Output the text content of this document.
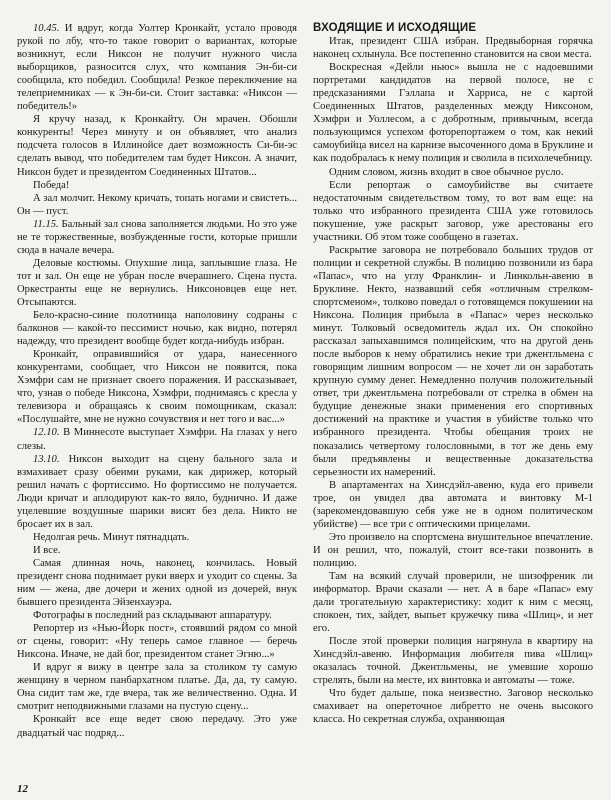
10.45. И вдруг, когда Уолтер Кронкайт, устало проводя рукой по лбу, что-то такое говорит о вариантах, которые возникнут, если Никсон не получит нужного числа выборщиков, разносится слух, что компания Эн-би-си сообщила, кто победил. Сообщила! Резкое переключение на телеприемниках — к Эн-би-си. Стоит заставка: «Никсон — победитель!»

Я кручу назад, к Кронкайту. Он мрачен. Обошли конкуренты! Через минуту и он объявляет, что анализ подсчета голосов в Иллинойсе дает возможность Си-би-эс сделать вывод, что победителем там будет Никсон. А значит, Никсон будет и президентом Соединенных Штатов...

Победа!

А зал молчит. Некому кричать, топать ногами и свистеть... Он — пуст.

11.15. Бальный зал снова заполняется людьми. Но это уже не те торжественные, возбужденные гости, которые пришли сюда в начале вечера.

Деловые костюмы. Опухшие лица, заплывшие глаза. Не тот и зал. Он еще не убран после вчерашнего. Сцена пуста. Оркестранты еще не вернулись. Никсоновцев еще нет. Отсыпаются.

Бело-красно-синие полотнища наполовину содраны с балконов — какой-то пессимист ночью, как видно, потерял надежду, что президент вообще будет когда-нибудь избран.

Кронкайт, оправившийся от удара, нанесенного конкурентами, сообщает, что Никсон не появится, пока Хэмфри сам не признает своего поражения. И рассказывает, что, узнав о победе Никсона, Хэмфри, поднимаясь с кресла у телевизора и обращаясь к своим помощникам, сказал: «Послушайте, мне не нужно сочувствия и нет того и вас...»

12.10. В Миннесоте выступает Хэмфри. На глазах у него слезы.

13.10. Никсон выходит на сцену бального зала и взмахивает сразу обеими руками, как дирижер, который решил начать с фортиссимо. Но фортиссимо не получается. Люди кричат и аплодируют как-то вяло, буднично. И даже уцелевшие воздушные шарики висят без дела. Никто не бросает их в зал.

Недолгая речь. Минут пятнадцать.

И все.

Самая длинная ночь, наконец, кончилась. Новый президент снова поднимает руки вверх и уходит со сцены. За ним — жена, две дочери и жених одной из дочерей, внук бывшего президента Эйзенхауэра.

Фотографы в последний раз складывают аппаратуру.

Репортер из «Нью-Йорк пост», стоявший рядом со мной от сцены, говорит: «Ну теперь самое главное — беречь Никсона. Иначе, не дай бог, президентом станет Эгню...»

И вдруг я вижу в центре зала за столиком ту самую женщину в черном панбархатном платье. Да, да, ту самую. Она сидит там же, где вчера, так же величественно. Одна. И смотрит неподвижными глазами на пустую сцену...

Кронкайт все еще ведет свою передачу. Это уже двадцатый час подряд...

ВХОДЯЩИЕ И ИСХОДЯЩИЕ

Итак, президент США избран. Предвыборная горячка наконец схлынула. Все постепенно становится на свои места.

Воскресная «Дейли ньюс» вышла не с надоевшими портретами кандидатов на первой полосе, не с предсказаниями Гэллапа и Харриса, не с картой Соединенных Штатов, разделенных между Никсоном, Хэмфри и Уоллесом, а с добротным, привычным, всегда пользующимся успехом фоторепортажем о том, как некий самоубийца висел на карнизе высоченного дома в Бруклине и как подобралась к нему полиция и сволила в психолечебницу.

Одним словом, жизнь входит в свое обычное русло.

Если репортаж о самоубийстве вы считаете недостаточным свидетельством тому, то вот вам еще: на только что избранного президента США уже готовилось покушение, уже раскрыт заговор, уже арестованы его участники. Об этом тоже сообщено в газетах.

Раскрытие заговора не потребовало больших трудов от полиции и секретной службы. В полицию позвонили из бара «Папас», что на углу Франклин- и Линкольн-авеню в Бруклине. Некто, назвавший себя «отличным стрелком-спортсменом», толково поведал о готовящемся покушении на Никсона. Полиция прибыла в «Папас» через несколько минут. Толковый осведомитель ждал их. Он спокойно рассказал запыхавшимся полицейским, что на другой день после выборов к нему обратились некие три джентльмена с говорящим лишним вопросом — не хочет ли он заработать крупную сумму денег. Немедленно получив положительный ответ, три джентльмена потребовали от стрелка в обмен на будущие денежные знаки применения его спортивных достижений на практике и участия в убийстве только что избранного президента. Чтобы обещания троих не показались четвертому голословными, в тот же день ему были предъявлены и вещественные доказательства серьезности их намерений.

В апартаментах на Хинсдэйл-авеню, куда его привели трое, он увидел два автомата и винтовку М-1 (зарекомендовавшую себя уже не в одном политическом убийстве) — все три с оптическими прицелами.

Это произвело на спортсмена внушительное впечатление. И он решил, что, пожалуй, стоит все-таки позвонить в полицию.

Там на всякий случай проверили, не шизофреник ли информатор. Врачи сказали — нет. А в баре «Папас» ему дали трогательную характеристику: ходит к ним с месяц, спокоен, тих, зайдет, выпьет кружечку пива «Шлиц», и нет его.

После этой проверки полиция нагрянула в квартиру на Хинсдэйл-авеню. Информация любителя пива «Шлиц» оказалась точной. Джентльмены, не умевшие хорошо стрелять, были на месте, их винтовка и автоматы — тоже.

Что будет дальше, пока неизвестно. Заговор несколько смахивает на опереточное либретто не очень высокого класса. Но секретная служба, охраняющая

12
